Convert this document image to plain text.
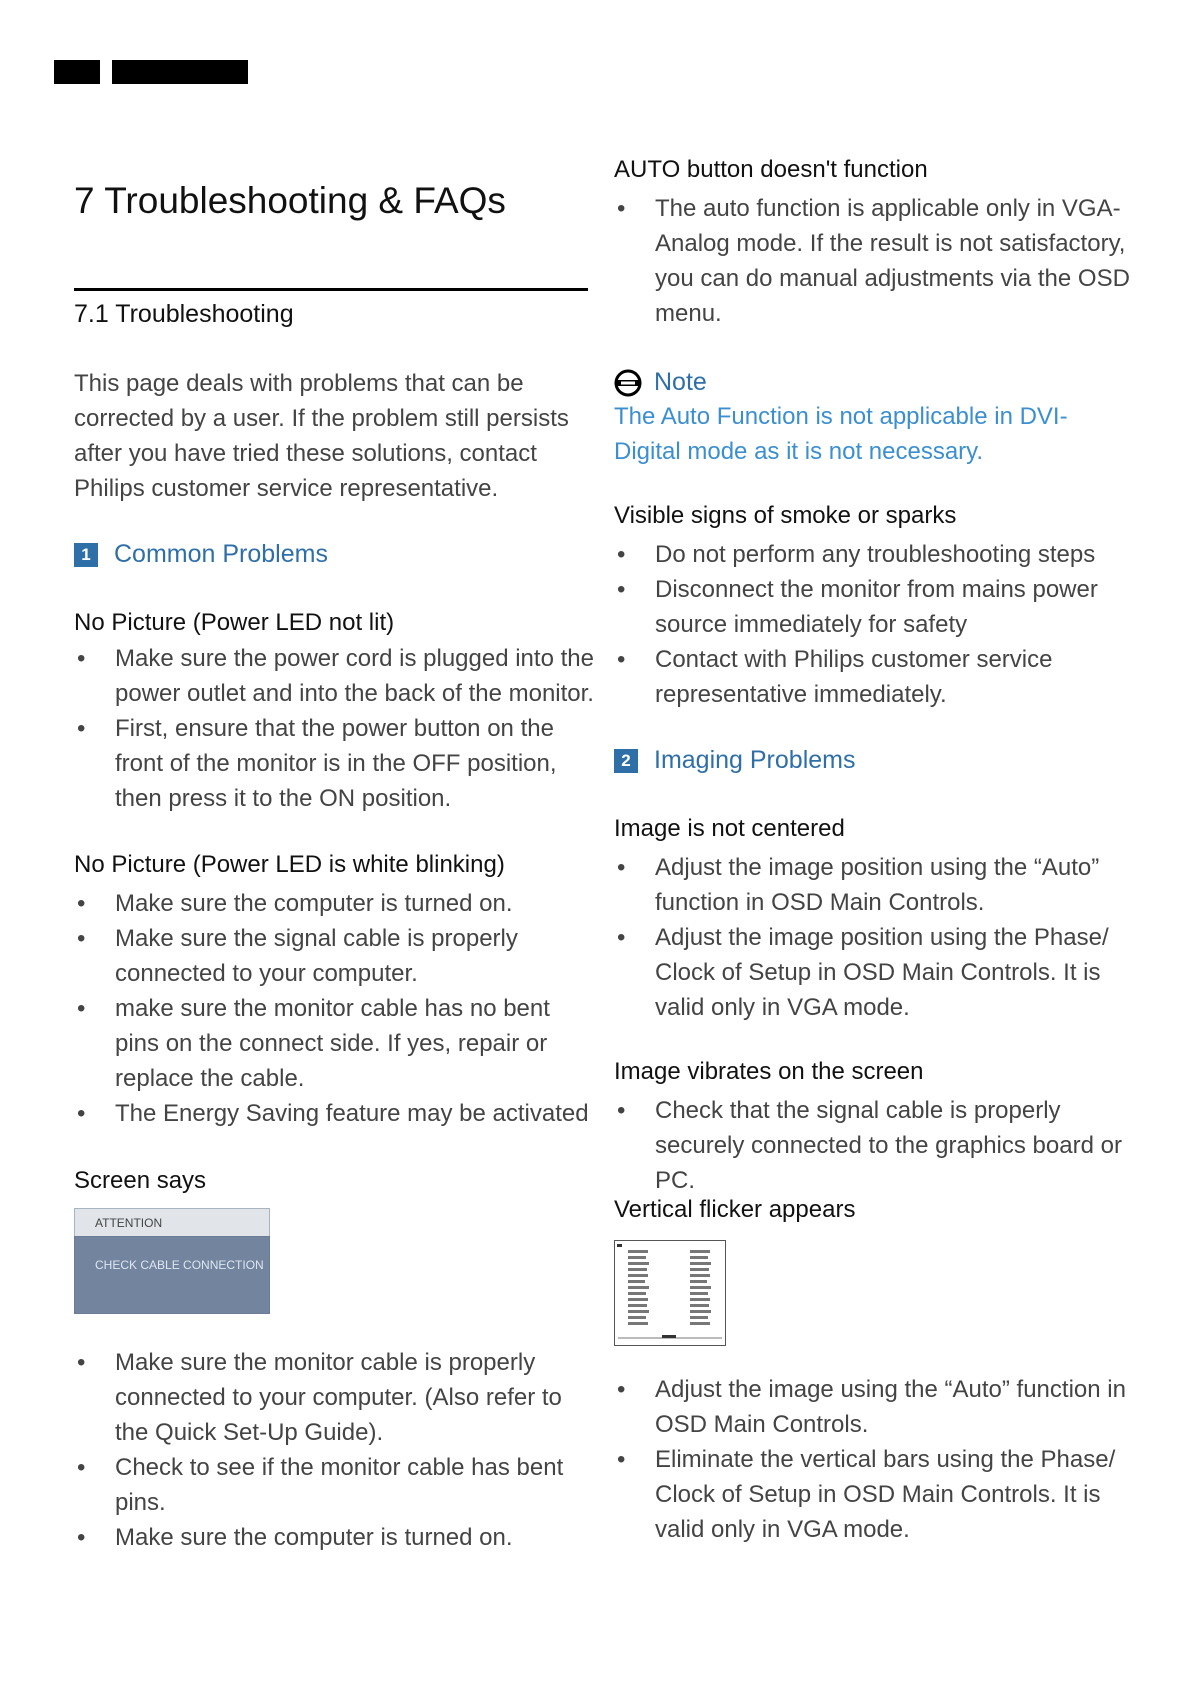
7 Troubleshooting & FAQs
7.1 Troubleshooting

This page deals with problems that can be corrected by a user. If the problem still persists after you have tried these solutions, contact Philips customer service representative.

1 Common Problems
No Picture (Power LED not lit)
• Make sure the power cord is plugged into the power outlet and into the back of the monitor.
• First, ensure that the power button on the front of the monitor is in the OFF position, then press it to the ON position.
No Picture (Power LED is white blinking)
• Make sure the computer is turned on.
• Make sure the signal cable is properly connected to your computer.
• make sure the monitor cable has no bent pins on the connect side. If yes, repair or replace the cable.
• The Energy Saving feature may be activated
Screen says
ATTENTION
CHECK CABLE CONNECTION
• Make sure the monitor cable is properly connected to your computer. (Also refer to the Quick Set-Up Guide).
• Check to see if the monitor cable has bent pins.
• Make sure the computer is turned on.
AUTO button doesn't function
• The auto function is applicable only in VGA-Analog mode. If the result is not satisfactory, you can do manual adjustments via the OSD menu.
Note

The Auto Function is not applicable in DVI-Digital mode as it is not necessary.

Visible signs of smoke or sparks
• Do not perform any troubleshooting steps
• Disconnect the monitor from mains power source immediately for safety
• Contact with Philips customer service representative immediately.
2 Imaging Problems
Image is not centered
• Adjust the image position using the “Auto” function in OSD Main Controls.
• Adjust the image position using the Phase/ Clock of Setup in OSD Main Controls. It is valid only in VGA mode.
Image vibrates on the screen
• Check that the signal cable is properly securely connected to the graphics board or PC.
Vertical flicker appears
• Adjust the image using the “Auto” function in OSD Main Controls.
• Eliminate the vertical bars using the Phase/ Clock of Setup in OSD Main Controls. It is valid only in VGA mode.
